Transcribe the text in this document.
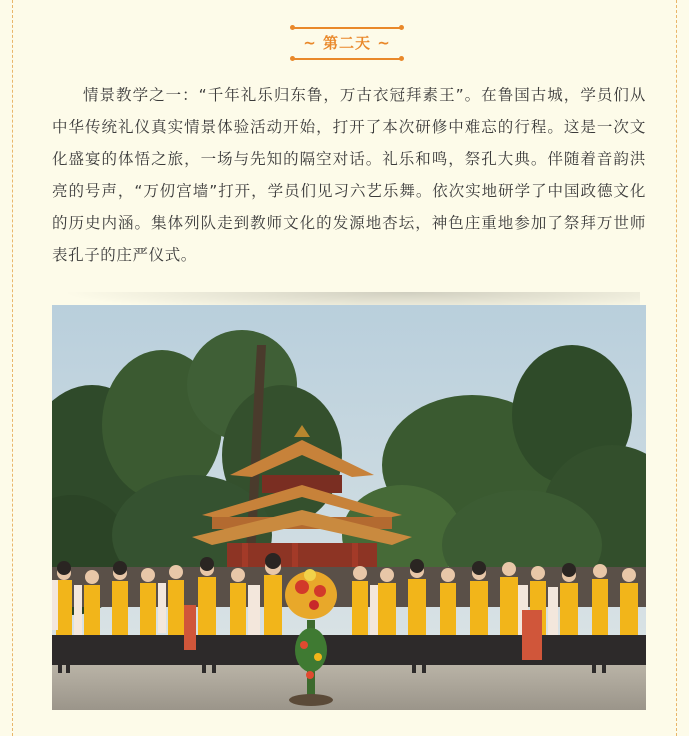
~ 第二天 ~

情景教学之一：“千年礼乐归东鲁，万古衣冠拜素王”。在鲁国古城，学员们从中华传统礼仪真实情景体验活动开始，打开了本次研修中难忘的行程。这是一次文化盛宴的体悟之旅，一场与先知的隔空对话。礼乐和鸣，祭孔大典。伴随着音韵洪亮的号声，“万仞宫墙”打开，学员们见习六艺乐舞。依次实地研学了中国政德文化的历史内涵。集体列队走到教师文化的发源地杏坛，神色庄重地参加了祭拜万世师表孔子的庄严仪式。
